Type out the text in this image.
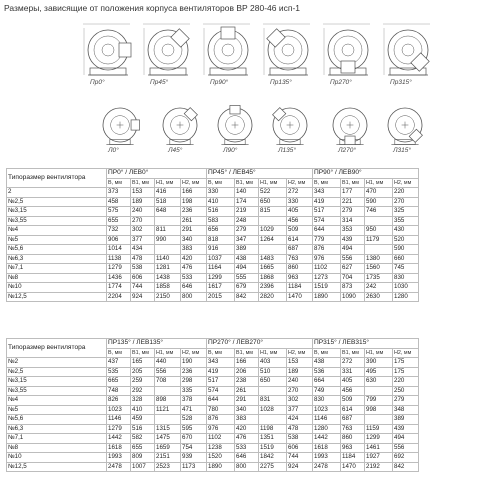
Размеры, зависящие от положения корпуса вентиляторов ВР 280-46 исп-1
Пр0°	Пр45°	Пр90°	Пр135°	Пр270°	Пр315°
Л0°	Л45°	Л90°	Л135°	Л270°	Л315°
Типоразмер вентилятора	ПР0° / ЛЕВ0°				ПР45° / ЛЕВ45°				ПР90° / ЛЕВ90°			
	B, мм	B1, мм	H1, мм	H2, мм	B, мм	B1, мм	H1, мм	H2, мм	B, мм	B1, мм	H1, мм	H2, мм
2	373	153	416	166	330	140	522	272	343	177	470	220
№2,5	458	189	518	198	410	174	650	330	419	221	590	270
№3,15	575	240	648	236	516	219	815	405	517	279	746	325
№3,55	655	270		261	583	248		456	574	314		355
№4	732	302	811	291	656	279	1029	509	644	353	950	430
№5	906	377	990	340	818	347	1264	614	779	439	1179	520
№5,6	1014	434		383	916	389		687	876	494		590
№6,3	1138	478	1140	420	1037	438	1483	763	976	556	1380	660
№7,1	1279	538	1281	476	1164	494	1665	860	1102	627	1560	745
№8	1436	606	1438	533	1299	555	1868	963	1273	704	1735	830
№10	1774	744	1858	646	1617	679	2396	1184	1519	873	242	1030
№12,5	2204	924	2150	800	2015	842	2820	1470	1890	1090	2630	1280
Типоразмер вентилятора	ПР135° / ЛЕВ135°				ПР270° / ЛЕВ270°				ПР315° / ЛЕВ315°			
	B, мм	B1, мм	H1, мм	H2, мм	B, мм	B1, мм	H1, мм	H2, мм	B, мм	B1, мм	H1, мм	H2, мм
№2	437	165	440	190	343	166	403	153	438	272	390	175
№2,5	535	205	556	236	419	206	510	189	536	331	495	175
№3,15	665	259	708	298	517	238	650	240	664	405	630	220
№3,55	748	292		335	574	261		270	749	456		250
№4	826	328	898	378	644	291	831	302	830	509	799	279
№5	1023	410	1121	471	780	340	1028	377	1023	614	998	348
№5,6	1146	459		528	876	383		424	1146	687		389
№6,3	1279	516	1315	595	976	420	1198	478	1280	763	1159	439
№7,1	1442	582	1475	670	1102	476	1351	538	1442	860	1299	494
№8	1618	655	1659	754	1238	533	1519	606	1618	963	1461	556
№10	1993	809	2151	939	1520	646	1842	744	1993	1184	1927	692
№12,5	2478	1007	2523	1173	1890	800	2275	924	2478	1470	2192	842
